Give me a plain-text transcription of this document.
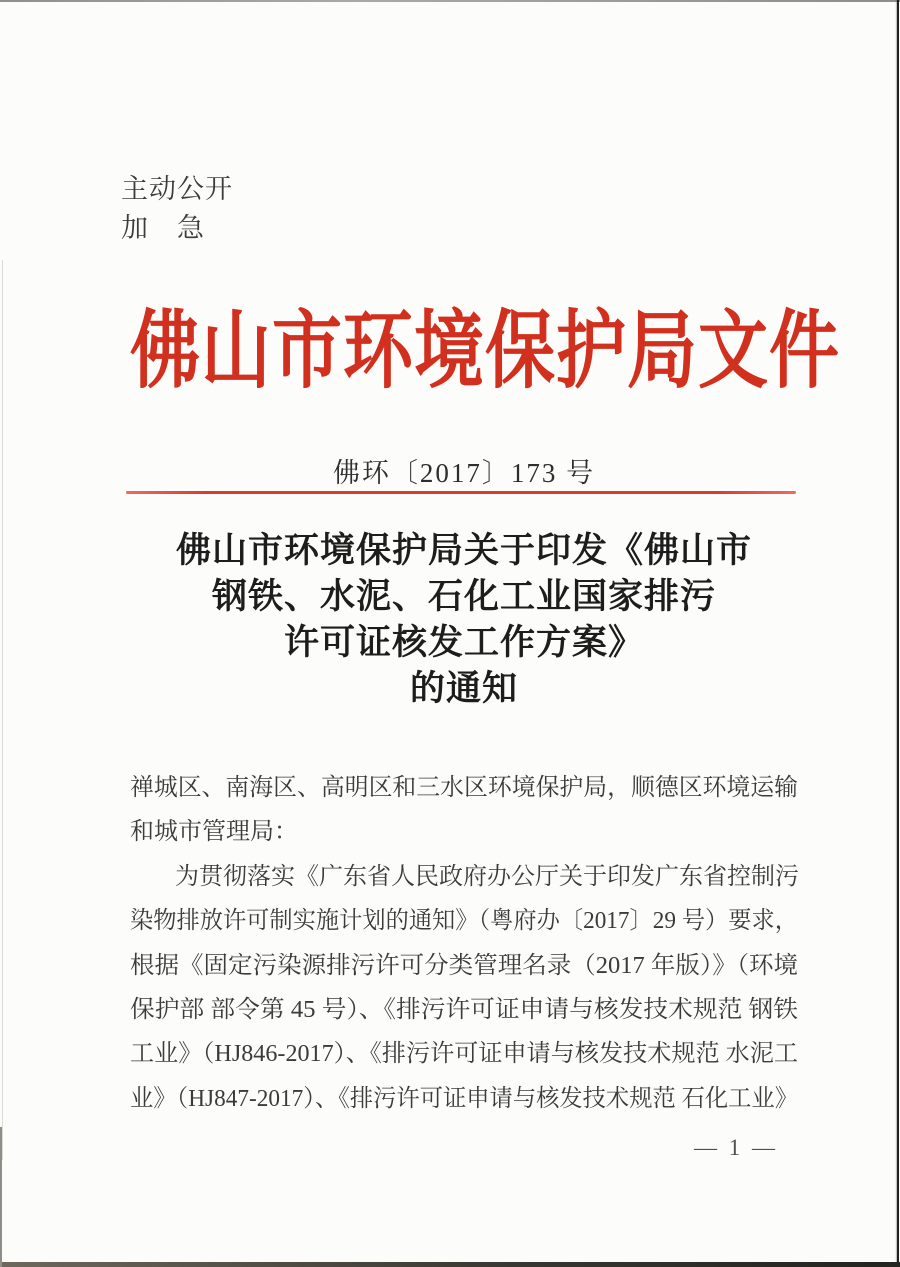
主动公开
加　急
佛山市环境保护局文件
佛环〔2017〕173 号
佛山市环境保护局关于印发《佛山市
钢铁、水泥、石化工业国家排污
许可证核发工作方案》
的通知
禅城区、南海区、高明区和三水区环境保护局，顺德区环境运输
和城市管理局：
为贯彻落实《广东省人民政府办公厅关于印发广东省控制污
染物排放许可制实施计划的通知》（粤府办〔2017〕29 号）要求，
根据《固定污染源排污许可分类管理名录（2017 年版）》（环境
保护部 部令第 45 号）、《排污许可证申请与核发技术规范 钢铁
工业》（HJ846-2017）、《排污许可证申请与核发技术规范 水泥工
业》（HJ847-2017）、《排污许可证申请与核发技术规范 石化工业》
— 1 —
